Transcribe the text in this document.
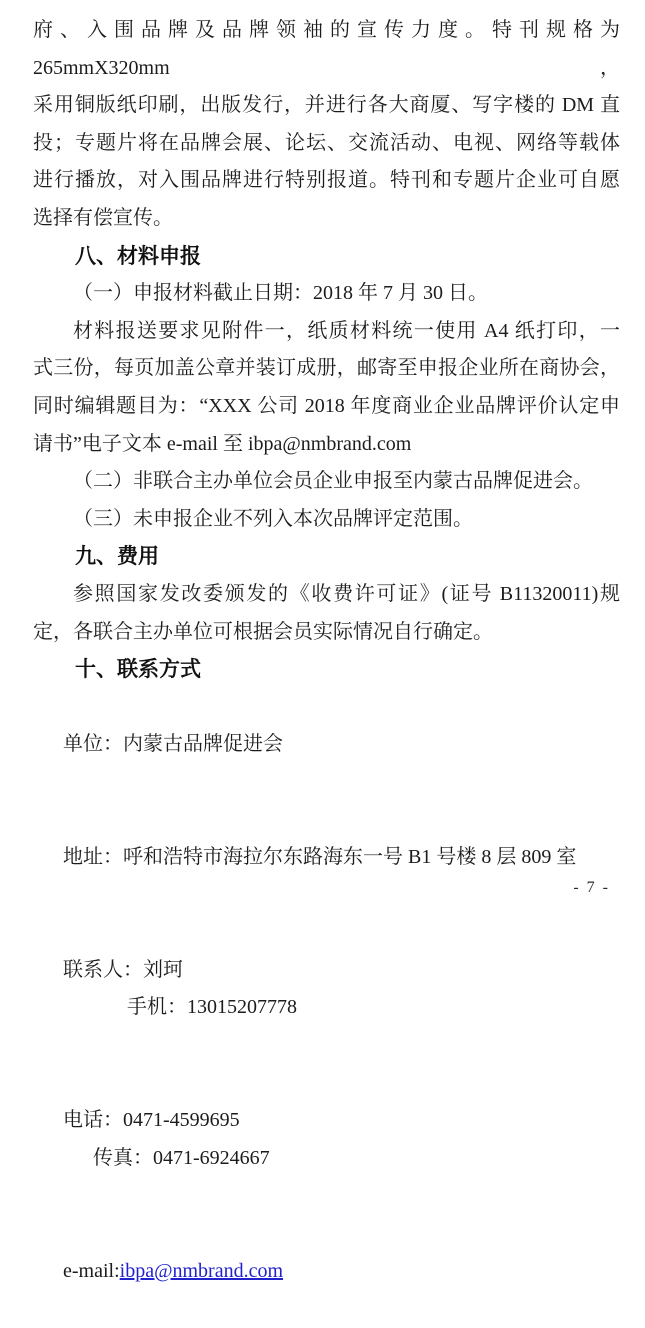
府、入围品牌及品牌领袖的宣传力度。特刊规格为 265mmX320mm，
采用铜版纸印刷，出版发行，并进行各大商厦、写字楼的 DM 直
投；专题片将在品牌会展、论坛、交流活动、电视、网络等载体
进行播放，对入围品牌进行特别报道。特刊和专题片企业可自愿
选择有偿宣传。
八、材料申报
（一）申报材料截止日期：2018 年 7 月 30 日。
材料报送要求见附件一，纸质材料统一使用 A4 纸打印，一
式三份，每页加盖公章并装订成册，邮寄至申报企业所在商协会，
同时编辑题目为：“XXX 公司 2018 年度商业企业品牌评价认定申
请书”电子文本 e-mail 至 ibpa@nmbrand.com
（二）非联合主办单位会员企业申报至内蒙古品牌促进会。
（三）未申报企业不列入本次品牌评定范围。
九、费用
参照国家发改委颁发的《收费许可证》(证号 B11320011)规
定，各联合主办单位可根据会员实际情况自行确定。
十、联系方式

单位：内蒙古品牌促进会

地址：呼和浩特市海拉尔东路海东一号 B1 号楼 8 层 809 室

联系人：刘珂
手机：13015207778

电话：0471-4599695
传真：0471-6924667

e-mail:ibpa@nmbrand.com

- 7 -
